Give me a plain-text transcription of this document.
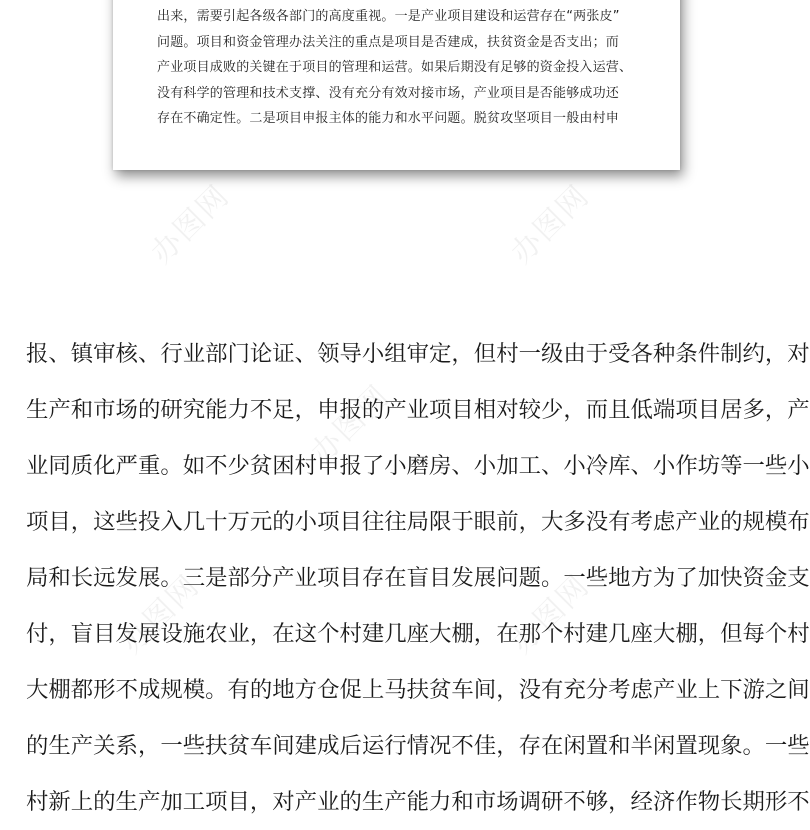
出来，需要引起各级各部门的高度重视。一是产业项目建设和运营存在“两张皮”
问题。项目和资金管理办法关注的重点是项目是否建成，扶贫资金是否支出；而
产业项目成败的关键在于项目的管理和运营。如果后期没有足够的资金投入运营、
没有科学的管理和技术支撑、没有充分有效对接市场，产业项目是否能够成功还
存在不确定性。二是项目申报主体的能力和水平问题。脱贫攻坚项目一般由村申
报、镇审核、行业部门论证、领导小组审定，但村一级由于受各种条件制约，对
生产和市场的研究能力不足，申报的产业项目相对较少，而且低端项目居多，产
业同质化严重。如不少贫困村申报了小磨房、小加工、小冷库、小作坊等一些小
项目，这些投入几十万元的小项目往往局限于眼前，大多没有考虑产业的规模布
局和长远发展。三是部分产业项目存在盲目发展问题。一些地方为了加快资金支
付，盲目发展设施农业，在这个村建几座大棚，在那个村建几座大棚，但每个村
大棚都形不成规模。有的地方仓促上马扶贫车间，没有充分考虑产业上下游之间
的生产关系，一些扶贫车间建成后运行情况不佳，存在闲置和半闲置现象。一些
村新上的生产加工项目，对产业的生产能力和市场调研不够，经济作物长期形不
办图网	办图网
办图网
办图网	办图网
